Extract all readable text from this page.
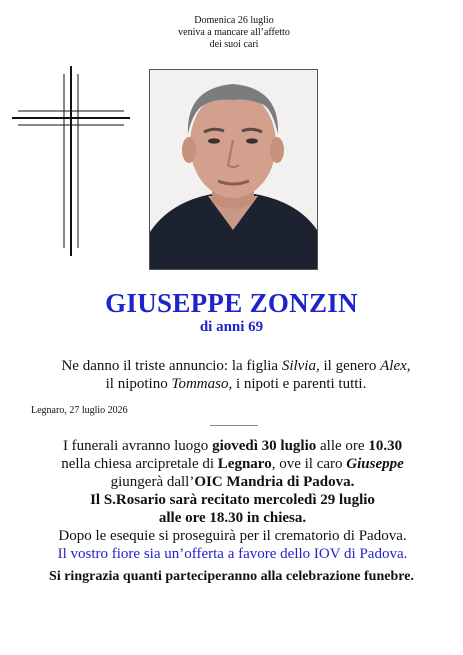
Domenica 26 luglio
veniva a mancare all’affetto
dei suoi cari
GIUSEPPE ZONZIN
di anni 69
Ne danno il triste annuncio: la figlia Silvia, il genero Alex,
il nipotino Tommaso, i nipoti e parenti tutti.
Legnaro, 27 luglio 2026
I funerali avranno luogo giovedì 30 luglio alle ore 10.30
nella chiesa arcipretale di Legnaro, ove il caro Giuseppe
giungerà dall’OIC Mandria di Padova.
Il S.Rosario sarà recitato mercoledì 29 luglio
alle ore 18.30 in chiesa.
Dopo le esequie si proseguirà per il crematorio di Padova.
Il vostro fiore sia un’offerta a favore dello IOV di Padova.
Si ringrazia quanti parteciperanno alla celebrazione funebre.
